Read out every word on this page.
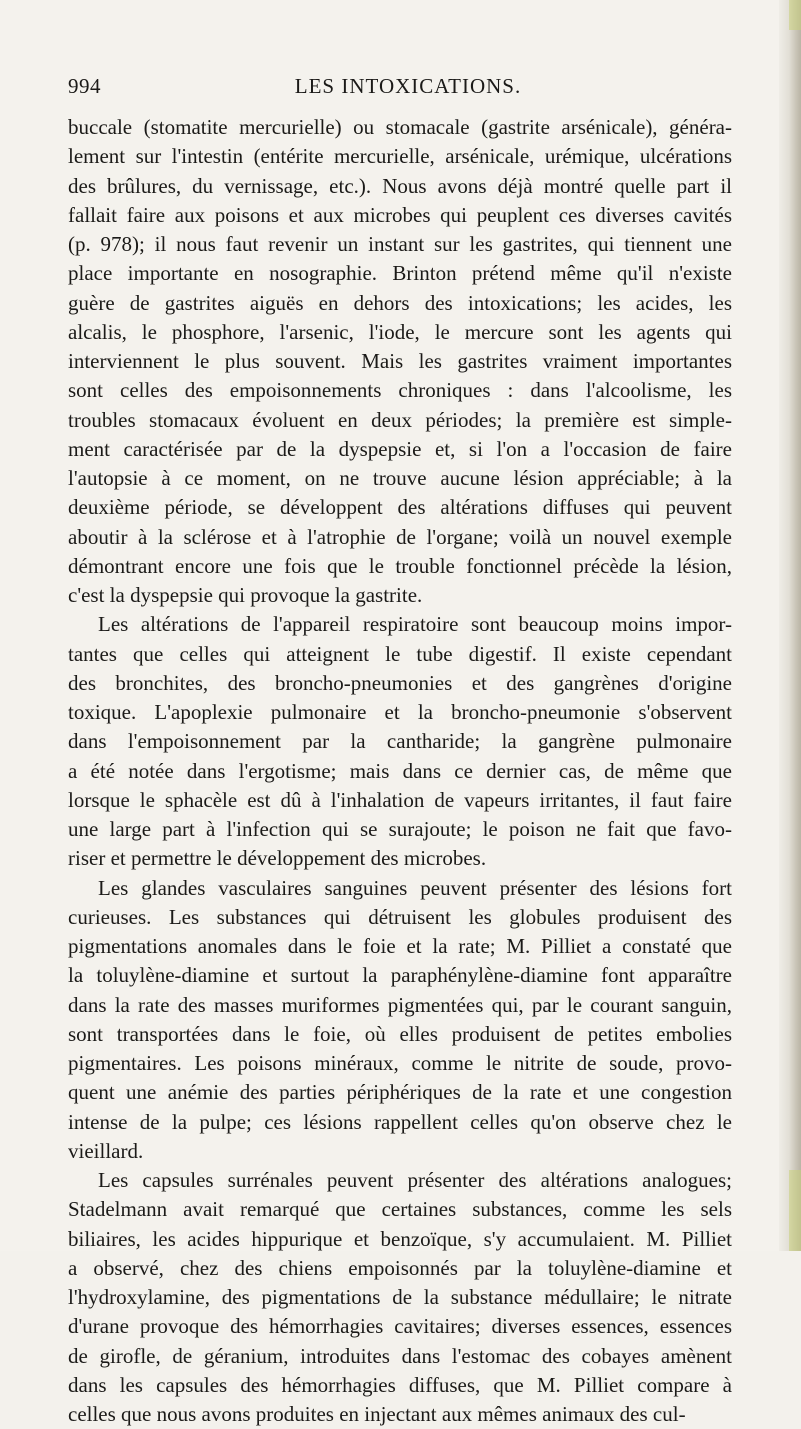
994	LES INTOXICATIONS.
buccale (stomatite mercurielle) ou stomacale (gastrite arsénicale), généra-
lement sur l'intestin (entérite mercurielle, arsénicale, urémique, ulcérations
des brûlures, du vernissage, etc.). Nous avons déjà montré quelle part il
fallait faire aux poisons et aux microbes qui peuplent ces diverses cavités
(p. 978); il nous faut revenir un instant sur les gastrites, qui tiennent une
place importante en nosographie. Brinton prétend même qu'il n'existe
guère de gastrites aiguës en dehors des intoxications; les acides, les
alcalis, le phosphore, l'arsenic, l'iode, le mercure sont les agents qui
interviennent le plus souvent. Mais les gastrites vraiment importantes
sont celles des empoisonnements chroniques : dans l'alcoolisme, les
troubles stomacaux évoluent en deux périodes; la première est simple-
ment caractérisée par de la dyspepsie et, si l'on a l'occasion de faire
l'autopsie à ce moment, on ne trouve aucune lésion appréciable; à la
deuxième période, se développent des altérations diffuses qui peuvent
aboutir à la sclérose et à l'atrophie de l'organe; voilà un nouvel exemple
démontrant encore une fois que le trouble fonctionnel précède la lésion,
c'est la dyspepsie qui provoque la gastrite.
Les altérations de l'appareil respiratoire sont beaucoup moins impor-
tantes que celles qui atteignent le tube digestif. Il existe cependant
des bronchites, des broncho-pneumonies et des gangrènes d'origine
toxique. L'apoplexie pulmonaire et la broncho-pneumonie s'observent
dans l'empoisonnement par la cantharide; la gangrène pulmonaire
a été notée dans l'ergotisme; mais dans ce dernier cas, de même que
lorsque le sphacèle est dû à l'inhalation de vapeurs irritantes, il faut faire
une large part à l'infection qui se surajoute; le poison ne fait que favo-
riser et permettre le développement des microbes.
Les glandes vasculaires sanguines peuvent présenter des lésions fort
curieuses. Les substances qui détruisent les globules produisent des
pigmentations anomales dans le foie et la rate; M. Pilliet a constaté que
la toluylène-diamine et surtout la paraphénylène-diamine font apparaître
dans la rate des masses muriformes pigmentées qui, par le courant sanguin,
sont transportées dans le foie, où elles produisent de petites embolies
pigmentaires. Les poisons minéraux, comme le nitrite de soude, provo-
quent une anémie des parties périphériques de la rate et une congestion
intense de la pulpe; ces lésions rappellent celles qu'on observe chez le
vieillard.
Les capsules surrénales peuvent présenter des altérations analogues;
Stadelmann avait remarqué que certaines substances, comme les sels
biliaires, les acides hippurique et benzoïque, s'y accumulaient. M. Pilliet
a observé, chez des chiens empoisonnés par la toluylène-diamine et
l'hydroxylamine, des pigmentations de la substance médullaire; le nitrate
d'urane provoque des hémorrhagies cavitaires; diverses essences, essences
de girofle, de géranium, introduites dans l'estomac des cobayes amènent
dans les capsules des hémorrhagies diffuses, que M. Pilliet compare à
celles que nous avons produites en injectant aux mêmes animaux des cul-
